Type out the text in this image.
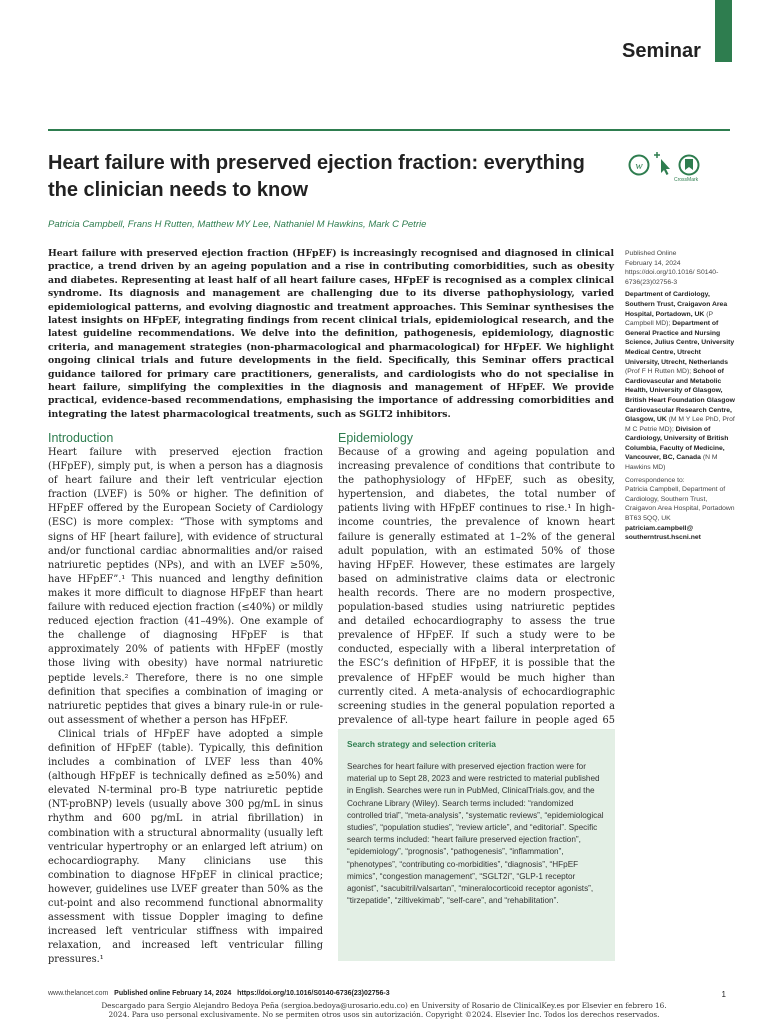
Seminar
Heart failure with preserved ejection fraction: everything the clinician needs to know
w
CrossMark
Patricia Campbell, Frans H Rutten, Matthew MY Lee, Nathaniel M Hawkins, Mark C Petrie
Heart failure with preserved ejection fraction (HFpEF) is increasingly recognised and diagnosed in clinical practice, a trend driven by an ageing population and a rise in contributing comorbidities, such as obesity and diabetes. Representing at least half of all heart failure cases, HFpEF is recognised as a complex clinical syndrome. Its diagnosis and management are challenging due to its diverse pathophysiology, varied epidemiological patterns, and evolving diagnostic and treatment approaches. This Seminar synthesises the latest insights on HFpEF, integrating findings from recent clinical trials, epidemiological research, and the latest guideline recommendations. We delve into the definition, pathogenesis, epidemiology, diagnostic criteria, and management strategies (non-pharmacological and pharmacological) for HFpEF. We highlight ongoing clinical trials and future developments in the field. Specifically, this Seminar offers practical guidance tailored for primary care practitioners, generalists, and cardiologists who do not specialise in heart failure, simplifying the complexities in the diagnosis and management of HFpEF. We provide practical, evidence-based recommendations, emphasising the importance of addressing comorbidities and integrating the latest pharmacological treatments, such as SGLT2 inhibitors.

Published Online
February 14, 2024
https://doi.org/10.1016/ S0140-6736(23)02756-3

Department of Cardiology, Southern Trust, Craigavon Area Hospital, Portadown, UK (P Campbell MD); Department of General Practice and Nursing Science, Julius Centre, University Medical Centre, Utrecht University, Utrecht, Netherlands (Prof F H Rutten MD); School of Cardiovascular and Metabolic Health, University of Glasgow, British Heart Foundation Glasgow Cardiovascular Research Centre, Glasgow, UK (M M Y Lee PhD, Prof M C Petrie MD); Division of Cardiology, University of British Columbia, Faculty of Medicine, Vancouver, BC, Canada (N M Hawkins MD)

Correspondence to:
Patricia Campbell, Department of Cardiology, Southern Trust, Craigavon Area Hospital, Portadown BT63 5QQ, UK
patriciam.campbell@ southerntrust.hscni.net

Introduction

Heart failure with preserved ejection fraction (HFpEF), simply put, is when a person has a diagnosis of heart failure and their left ventricular ejection fraction (LVEF) is 50% or higher. The definition of HFpEF offered by the European Society of Cardiology (ESC) is more complex: “Those with symptoms and signs of HF [heart failure], with evidence of structural and/or functional cardiac abnormalities and/or raised natriuretic peptides (NPs), and with an LVEF ≥50%, have HFpEF”.¹ This nuanced and lengthy definition makes it more difficult to diagnose HFpEF than heart failure with reduced ejection fraction (≤40%) or mildly reduced ejection fraction (41–49%). One example of the challenge of diagnosing HFpEF is that approximately 20% of patients with HFpEF (mostly those living with obesity) have normal natriuretic peptide levels.² Therefore, there is no one simple definition that specifies a combination of imaging or natriuretic peptides that gives a binary rule-in or rule-out assessment of whether a person has HFpEF.

Clinical trials of HFpEF have adopted a simple definition of HFpEF (table). Typically, this definition includes a combination of LVEF less than 40% (although HFpEF is technically defined as ≥50%) and elevated N-terminal pro-B type natriuretic peptide (NT-proBNP) levels (usually above 300 pg/mL in sinus rhythm and 600 pg/mL in atrial fibrillation) in combination with a structural abnormality (usually left ventricular hypertrophy or an enlarged left atrium) on echocardiography. Many clinicians use this combination to diagnose HFpEF in clinical practice; however, guidelines use LVEF greater than 50% as the cut-point and also recommend functional abnormality assessment with tissue Doppler imaging to define increased left ventricular stiffness with impaired relaxation, and increased left ventricular filling pressures.¹

Epidemiology

Because of a growing and ageing population and increasing prevalence of conditions that contribute to the pathophysiology of HFpEF, such as obesity, hypertension, and diabetes, the total number of patients living with HFpEF continues to rise.¹ In high-income countries, the prevalence of known heart failure is generally estimated at 1–2% of the general adult population, with an estimated 50% of those having HFpEF. However, these estimates are largely based on administrative claims data or electronic health records. There are no modern prospective, population-based studies using natriuretic peptides and detailed echocardiography to assess the true prevalence of HFpEF. If such a study were to be conducted, especially with a liberal interpretation of the ESC’s definition of HFpEF, it is possible that the prevalence of HFpEF would be much higher than currently cited. A meta-analysis of echocardiographic screening studies in the general population reported a prevalence of all-type heart failure in people aged 65

Search strategy and selection criteria

Searches for heart failure with preserved ejection fraction were for material up to Sept 28, 2023 and were restricted to material published in English. Searches were run in PubMed, ClinicalTrials.gov, and the Cochrane Library (Wiley). Search terms included: “randomized controlled trial”, “meta-analysis”, “systematic reviews”, “epidemiological studies”, “population studies”, “review article”, and “editorial”. Specific search terms included: “heart failure preserved ejection fraction”, “epidemiology”, “prognosis”, “pathogenesis”, “inflammation”, “phenotypes”, “contributing co-morbidities”, “diagnosis”, “HFpEF mimics”, “congestion management”, “SGLT2i”, “GLP-1 receptor agonist”, “sacubitril/valsartan”, “mineralocorticoid receptor agonists”, “tirzepatide”, “ziltivekimab”, “self-care”, and “rehabilitation”.

www.thelancet.com Published online February 14, 2024 https://doi.org/10.1016/S0140-6736(23)02756-3	1
Descargado para Sergio Alejandro Bedoya Peña (sergioa.bedoya@urosario.edu.co) en University of Rosario de ClinicalKey.es por Elsevier en febrero 16.
2024. Para uso personal exclusivamente. No se permiten otros usos sin autorización. Copyright ©2024. Elsevier Inc. Todos los derechos reservados.
